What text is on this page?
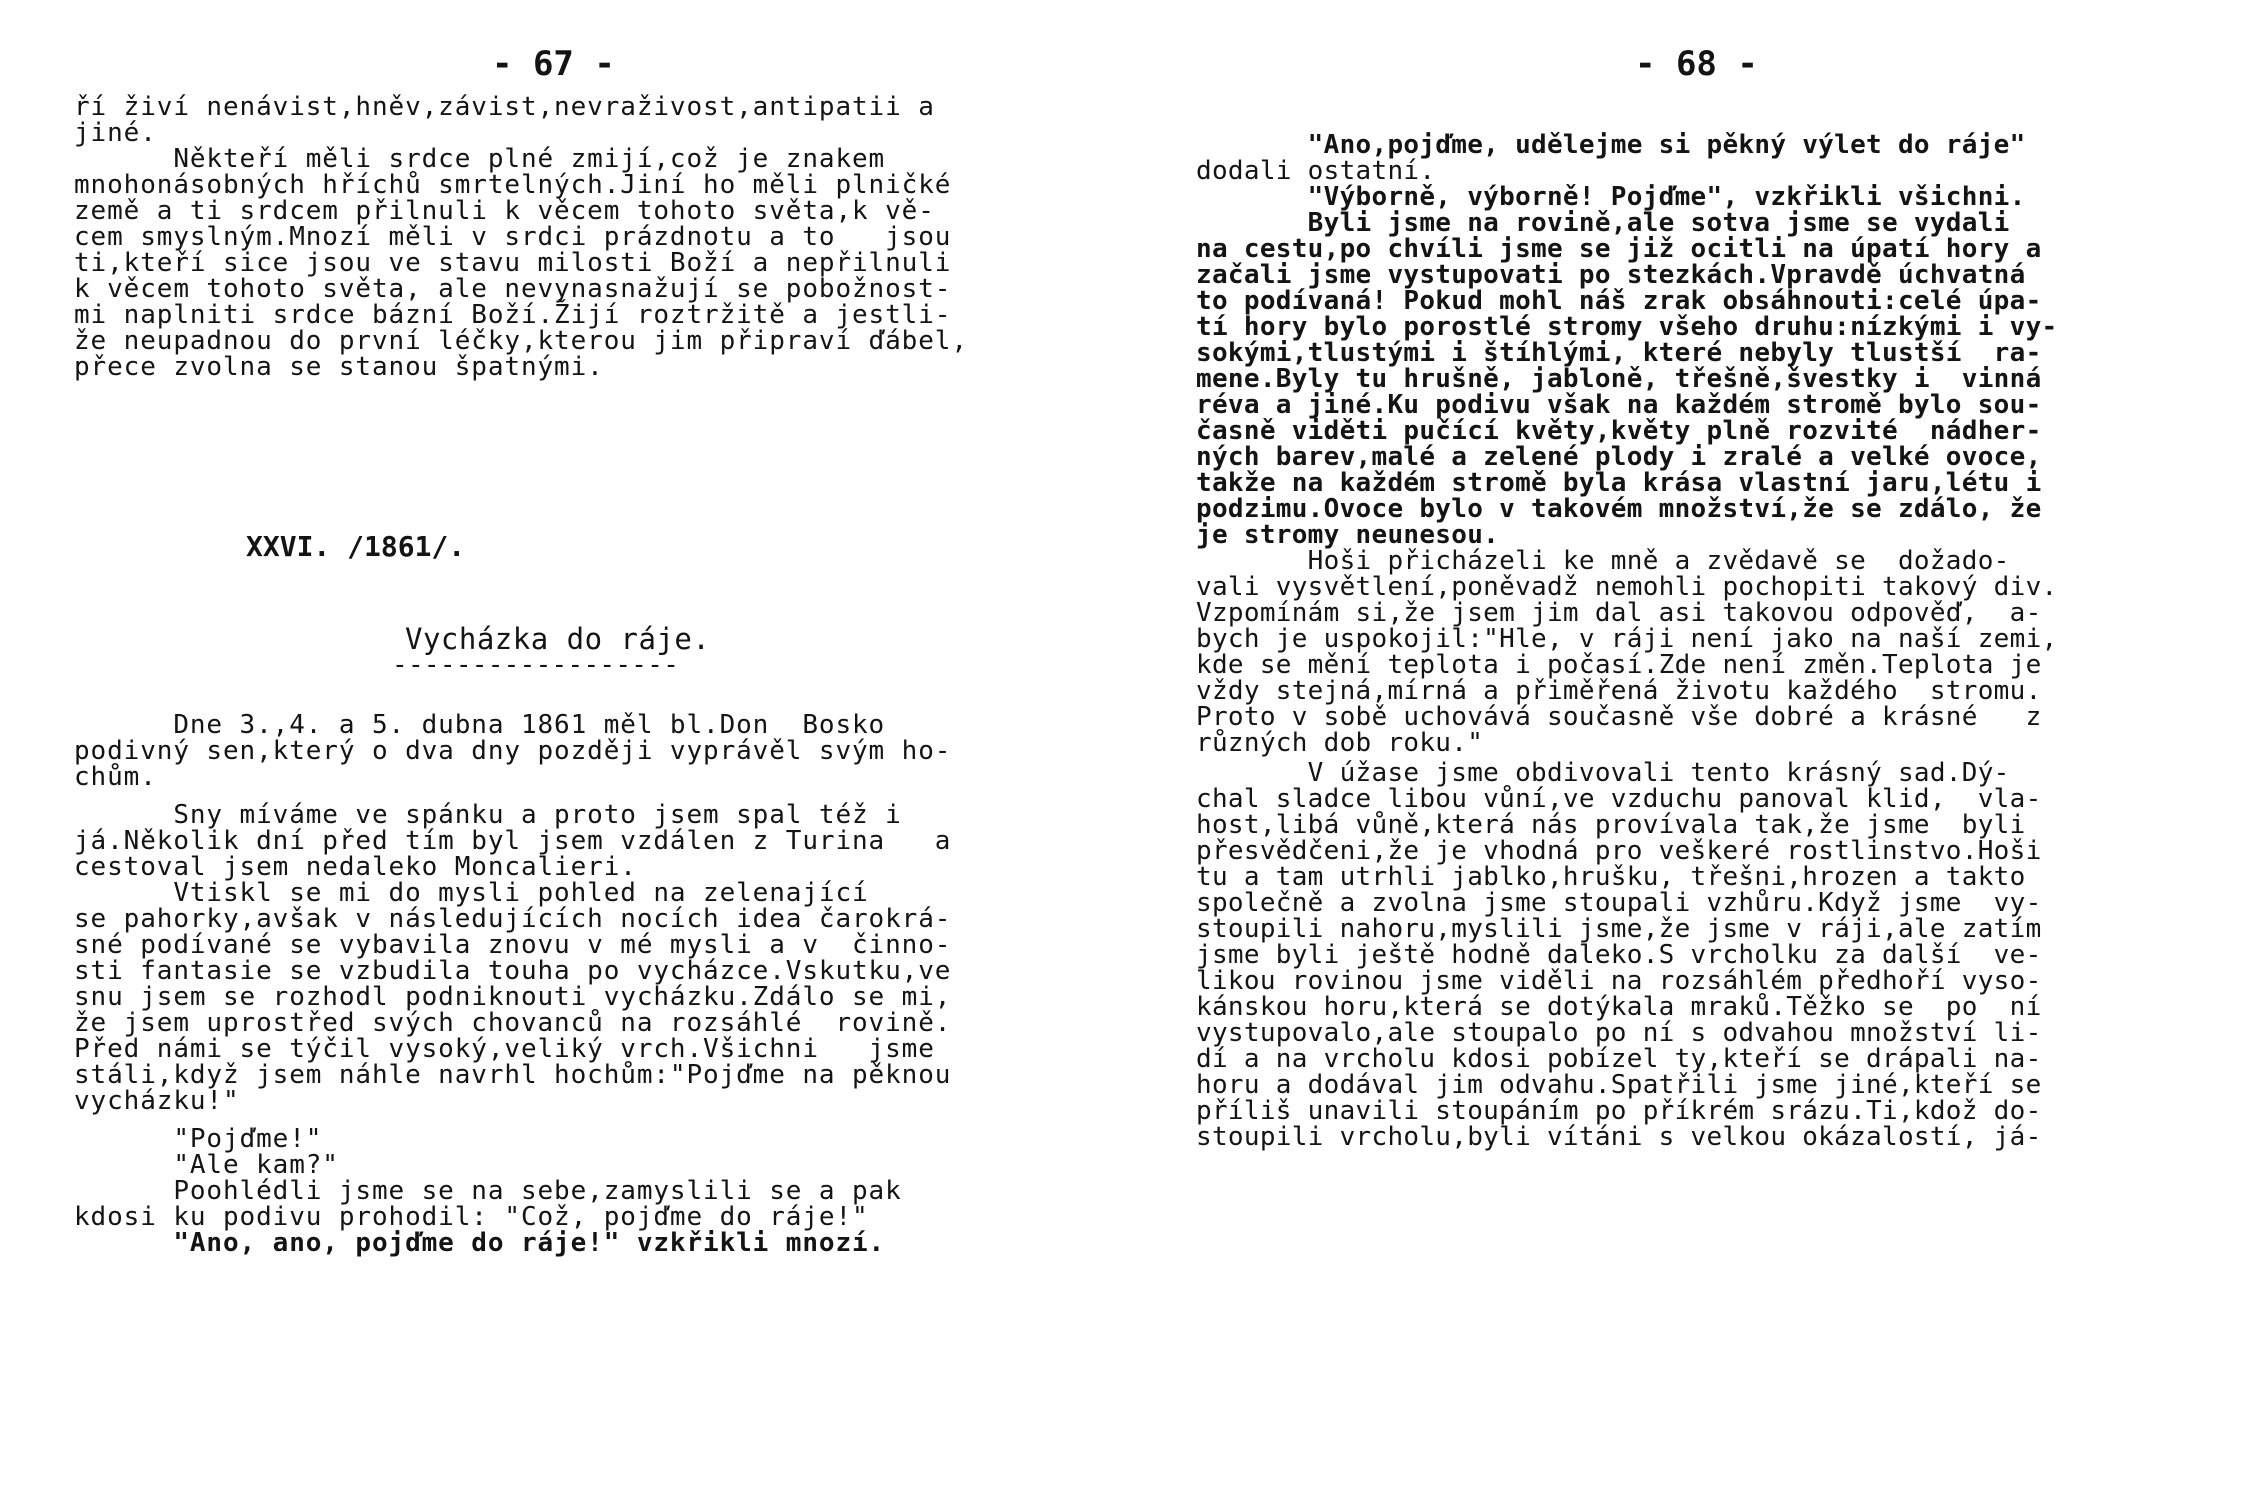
- 67 -
ří živí nenávist,hněv,závist,nevraživost,antipatii a
jiné.
Někteří měli srdce plné zmijí,což je znakem
mnohonásobných hříchů smrtelných.Jiní ho měli plničké
země a ti srdcem přilnuli k věcem tohoto světa,k vě-
cem smyslným.Mnozí měli v srdci prázdnotu a to   jsou
ti,kteří sice jsou ve stavu milosti Boží a nepřilnuli
k věcem tohoto světa, ale nevynasnažují se pobožnost-
mi naplniti srdce bázní Boží.Žijí roztržitě a jestli-
že neupadnou do první léčky,kterou jim připraví ďábel,
přece zvolna se stanou špatnými.
XXVI. /1861/.
Vycházka do ráje.
------------------
Dne 3.,4. a 5. dubna 1861 měl bl.Don  Bosko
podivný sen,který o dva dny později vyprávěl svým ho-
chům.
Sny míváme ve spánku a proto jsem spal též i
já.Několik dní před tím byl jsem vzdálen z Turina   a
cestoval jsem nedaleko Moncalieri.
Vtiskl se mi do mysli pohled na zelenající
se pahorky,avšak v následujících nocích idea čarokrá-
sné podívané se vybavila znovu v mé mysli a v  činno-
sti fantasie se vzbudila touha po vycházce.Vskutku,ve
snu jsem se rozhodl podniknouti vycházku.Zdálo se mi,
že jsem uprostřed svých chovanců na rozsáhlé  rovině.
Před námi se týčil vysoký,veliký vrch.Všichni   jsme
stáli,když jsem náhle navrhl hochům:"Pojďme na pěknou
vycházku!"
"Pojďme!"
"Ale kam?"
Poohlédli jsme se na sebe,zamyslili se a pak
kdosi ku podivu prohodil: "Což, pojďme do ráje!"
"Ano, ano, pojďme do ráje!" vzkřikli mnozí.
- 68 -
"Ano,pojďme, udělejme si pěkný výlet do ráje"
dodali ostatní.
"Výborně, výborně! Pojďme", vzkřikli všichni.
Byli jsme na rovině,ale sotva jsme se vydali
na cestu,po chvíli jsme se již ocitli na úpatí hory a
začali jsme vystupovati po stezkách.Vpravdě úchvatná
to podívaná! Pokud mohl náš zrak obsáhnouti:celé úpa-
tí hory bylo porostlé stromy všeho druhu:nízkými i vy-
sokými,tlustými i štíhlými, které nebyly tlustší  ra-
mene.Byly tu hrušně, jabloně, třešně,švestky i  vinná
réva a jiné.Ku podivu však na každém stromě bylo sou-
časně viděti pučící květy,květy plně rozvité  nádher-
ných barev,malé a zelené plody i zralé a velké ovoce,
takže na každém stromě byla krása vlastní jaru,létu i
podzimu.Ovoce bylo v takovém množství,že se zdálo, že
je stromy neunesou.
Hoši přicházeli ke mně a zvědavě se  dožado-
vali vysvětlení,poněvadž nemohli pochopiti takový div.
Vzpomínám si,že jsem jim dal asi takovou odpověď,  a-
bych je uspokojil:"Hle, v ráji není jako na naší zemi,
kde se mění teplota i počasí.Zde není změn.Teplota je
vždy stejná,mírná a přiměřená životu každého  stromu.
Proto v sobě uchovává současně vše dobré a krásné   z
různých dob roku."
V úžase jsme obdivovali tento krásný sad.Dý-
chal sladce libou vůní,ve vzduchu panoval klid,  vla-
host,libá vůně,která nás provívala tak,že jsme  byli
přesvědčeni,že je vhodná pro veškeré rostlinstvo.Hoši
tu a tam utrhli jablko,hrušku, třešni,hrozen a takto
společně a zvolna jsme stoupali vzhůru.Když jsme  vy-
stoupili nahoru,myslili jsme,že jsme v ráji,ale zatím
jsme byli ještě hodně daleko.S vrcholku za další  ve-
likou rovinou jsme viděli na rozsáhlém předhoří vyso-
kánskou horu,která se dotýkala mraků.Těžko se  po  ní
vystupovalo,ale stoupalo po ní s odvahou množství li-
dí a na vrcholu kdosi pobízel ty,kteří se drápali na-
horu a dodával jim odvahu.Spatřili jsme jiné,kteří se
příliš unavili stoupáním po příkrém srázu.Ti,kdož do-
stoupili vrcholu,byli vítáni s velkou okázalostí, já-
